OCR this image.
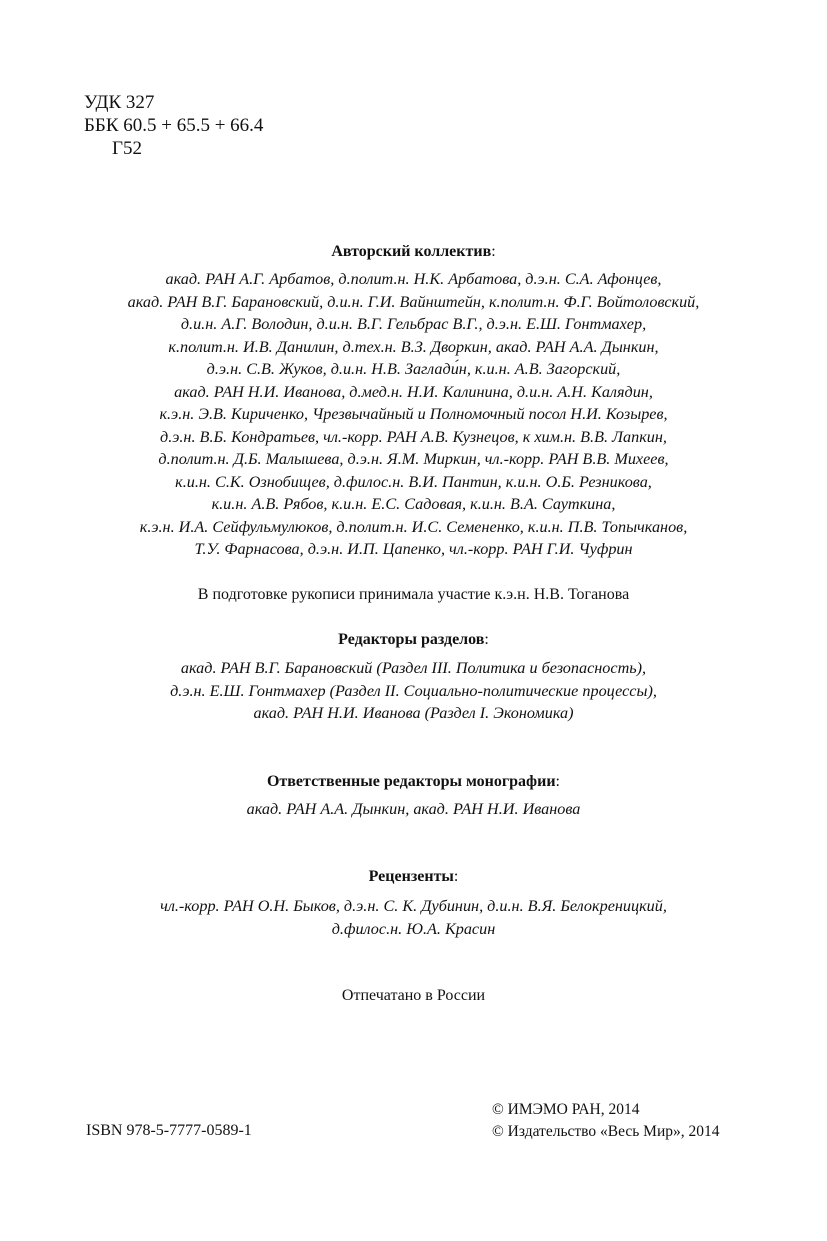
УДК 327
ББК 60.5 + 65.5 + 66.4
Г52
Авторский коллектив:
акад. РАН А.Г. Арбатов, д.полит.н. Н.К. Арбатова, д.э.н. С.А. Афонцев,
акад. РАН В.Г. Барановский, д.и.н. Г.И. Вайнштейн, к.полит.н. Ф.Г. Войтоловский,
д.и.н. А.Г. Володин, д.и.н. В.Г. Гельбрас В.Г., д.э.н. Е.Ш. Гонтмахер,
к.полит.н. И.В. Данилин, д.тех.н. В.З. Дворкин, акад. РАН А.А. Дынкин,
д.э.н. С.В. Жуков, д.и.н. Н.В. Заглади́н, к.и.н. А.В. Загорский,
акад. РАН Н.И. Иванова, д.мед.н. Н.И. Калинина, д.и.н. А.Н. Калядин,
к.э.н. Э.В. Кириченко, Чрезвычайный и Полномочный посол Н.И. Козырев,
д.э.н. В.Б. Кондратьев, чл.-корр. РАН А.В. Кузнецов, к хим.н. В.В. Лапкин,
д.полит.н. Д.Б. Малышева, д.э.н. Я.М. Миркин, чл.-корр. РАН В.В. Михеев,
к.и.н. С.К. Ознобищев, д.филос.н. В.И. Пантин, к.и.н. О.Б. Резникова,
к.и.н. А.В. Рябов, к.и.н. Е.С. Садовая, к.и.н. В.А. Сауткина,
к.э.н. И.А. Сейфульмулюков, д.полит.н. И.С. Семененко, к.и.н. П.В. Топычканов,
Т.У. Фарнасова, д.э.н. И.П. Цапенко, чл.-корр. РАН Г.И. Чуфрин
В подготовке рукописи принимала участие к.э.н. Н.В. Тоганова
Редакторы разделов:
акад. РАН В.Г. Барановский (Раздел III. Политика и безопасность),
д.э.н. Е.Ш. Гонтмахер (Раздел II. Социально-политические процессы),
акад. РАН Н.И. Иванова (Раздел I. Экономика)
Ответственные редакторы монографии:
акад. РАН А.А. Дынкин, акад. РАН Н.И. Иванова
Рецензенты:
чл.-корр. РАН О.Н. Быков, д.э.н. С. К. Дубинин, д.и.н. В.Я. Белокреницкий,
д.филос.н. Ю.А. Красин
Отпечатано в России
ISBN 978-5-7777-0589-1
© ИМЭМО РАН, 2014
© Издательство «Весь Мир», 2014
